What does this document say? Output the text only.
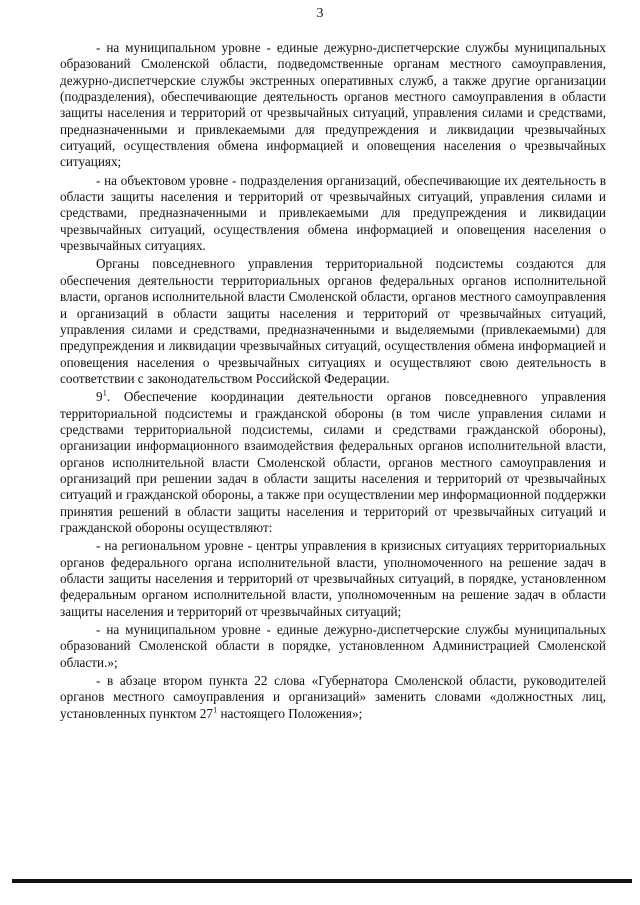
3

- на муниципальном уровне - единые дежурно-диспетчерские службы муниципальных образований Смоленской области, подведомственные органам местного самоуправления, дежурно-диспетчерские службы экстренных оперативных служб, а также другие организации (подразделения), обеспечивающие деятельность органов местного самоуправления в области защиты населения и территорий от чрезвычайных ситуаций, управления силами и средствами, предназначенными и привлекаемыми для предупреждения и ликвидации чрезвычайных ситуаций, осуществления обмена информацией и оповещения населения о чрезвычайных ситуациях;

- на объектовом уровне - подразделения организаций, обеспечивающие их деятельность в области защиты населения и территорий от чрезвычайных ситуаций, управления силами и средствами, предназначенными и привлекаемыми для предупреждения и ликвидации чрезвычайных ситуаций, осуществления обмена информацией и оповещения населения о чрезвычайных ситуациях.

Органы повседневного управления территориальной подсистемы создаются для обеспечения деятельности территориальных органов федеральных органов исполнительной власти, органов исполнительной власти Смоленской области, органов местного самоуправления и организаций в области защиты населения и территорий от чрезвычайных ситуаций, управления силами и средствами, предназначенными и выделяемыми (привлекаемыми) для предупреждения и ликвидации чрезвычайных ситуаций, осуществления обмена информацией и оповещения населения о чрезвычайных ситуациях и осуществляют свою деятельность в соответствии с законодательством Российской Федерации.

$9^1$. Обеспечение координации деятельности органов повседневного управления территориальной подсистемы и гражданской обороны (в том числе управления силами и средствами территориальной подсистемы, силами и средствами гражданской обороны), организации информационного взаимодействия федеральных органов исполнительной власти, органов исполнительной власти Смоленской области, органов местного самоуправления и организаций при решении задач в области защиты населения и территорий от чрезвычайных ситуаций и гражданской обороны, а также при осуществлении мер информационной поддержки принятия решений в области защиты населения и территорий от чрезвычайных ситуаций и гражданской обороны осуществляют:

- на региональном уровне - центры управления в кризисных ситуациях территориальных органов федерального органа исполнительной власти, уполномоченного на решение задач в области защиты населения и территорий от чрезвычайных ситуаций, в порядке, установленном федеральным органом исполнительной власти, уполномоченным на решение задач в области защиты населения и территорий от чрезвычайных ситуаций;

- на муниципальном уровне - единые дежурно-диспетчерские службы муниципальных образований Смоленской области в порядке, установленном Администрацией Смоленской области.»;

- в абзаце втором пункта 22 слова «Губернатора Смоленской области, руководителей органов местного самоуправления и организаций» заменить словами «должностных лиц, установленных пунктом $27^1$ настоящего Положения»;
